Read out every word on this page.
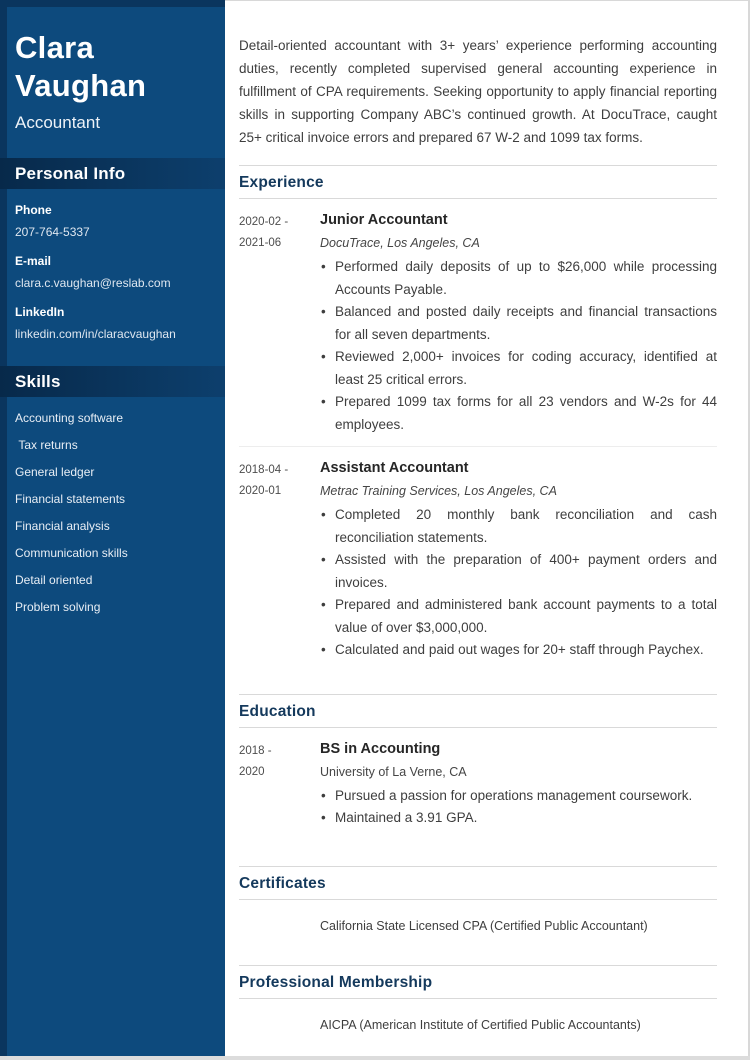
Clara
Vaughan
Accountant
Personal Info
Phone
207-764-5337
E-mail
clara.c.vaughan@reslab.com
LinkedIn
linkedin.com/in/claracvaughan
Skills
Accounting software
Tax returns
General ledger
Financial statements
Financial analysis
Communication skills
Detail oriented
Problem solving
Detail-oriented accountant with 3+ years’ experience performing accounting duties, recently completed supervised general accounting experience in fulfillment of CPA requirements. Seeking opportunity to apply financial reporting skills in supporting Company ABC’s continued growth. At DocuTrace, caught 25+ critical invoice errors and prepared 67 W-2 and 1099 tax forms.
Experience
2020-02 -
2021-06
Junior Accountant
DocuTrace, Los Angeles, CA
• Performed daily deposits of up to $26,000 while processing Accounts Payable.
• Balanced and posted daily receipts and financial transactions for all seven departments.
• Reviewed 2,000+ invoices for coding accuracy, identified at least 25 critical errors.
• Prepared 1099 tax forms for all 23 vendors and W-2s for 44 employees.
2018-04 -
2020-01
Assistant Accountant
Metrac Training Services, Los Angeles, CA
• Completed 20 monthly bank reconciliation and cash reconciliation statements.
• Assisted with the preparation of 400+ payment orders and invoices.
• Prepared and administered bank account payments to a total value of over $3,000,000.
• Calculated and paid out wages for 20+ staff through Paychex.
Education
2018 -
2020
BS in Accounting
University of La Verne, CA
• Pursued a passion for operations management coursework.
• Maintained a 3.91 GPA.
Certificates
California State Licensed CPA (Certified Public Accountant)
Professional Membership
AICPA (American Institute of Certified Public Accountants)
